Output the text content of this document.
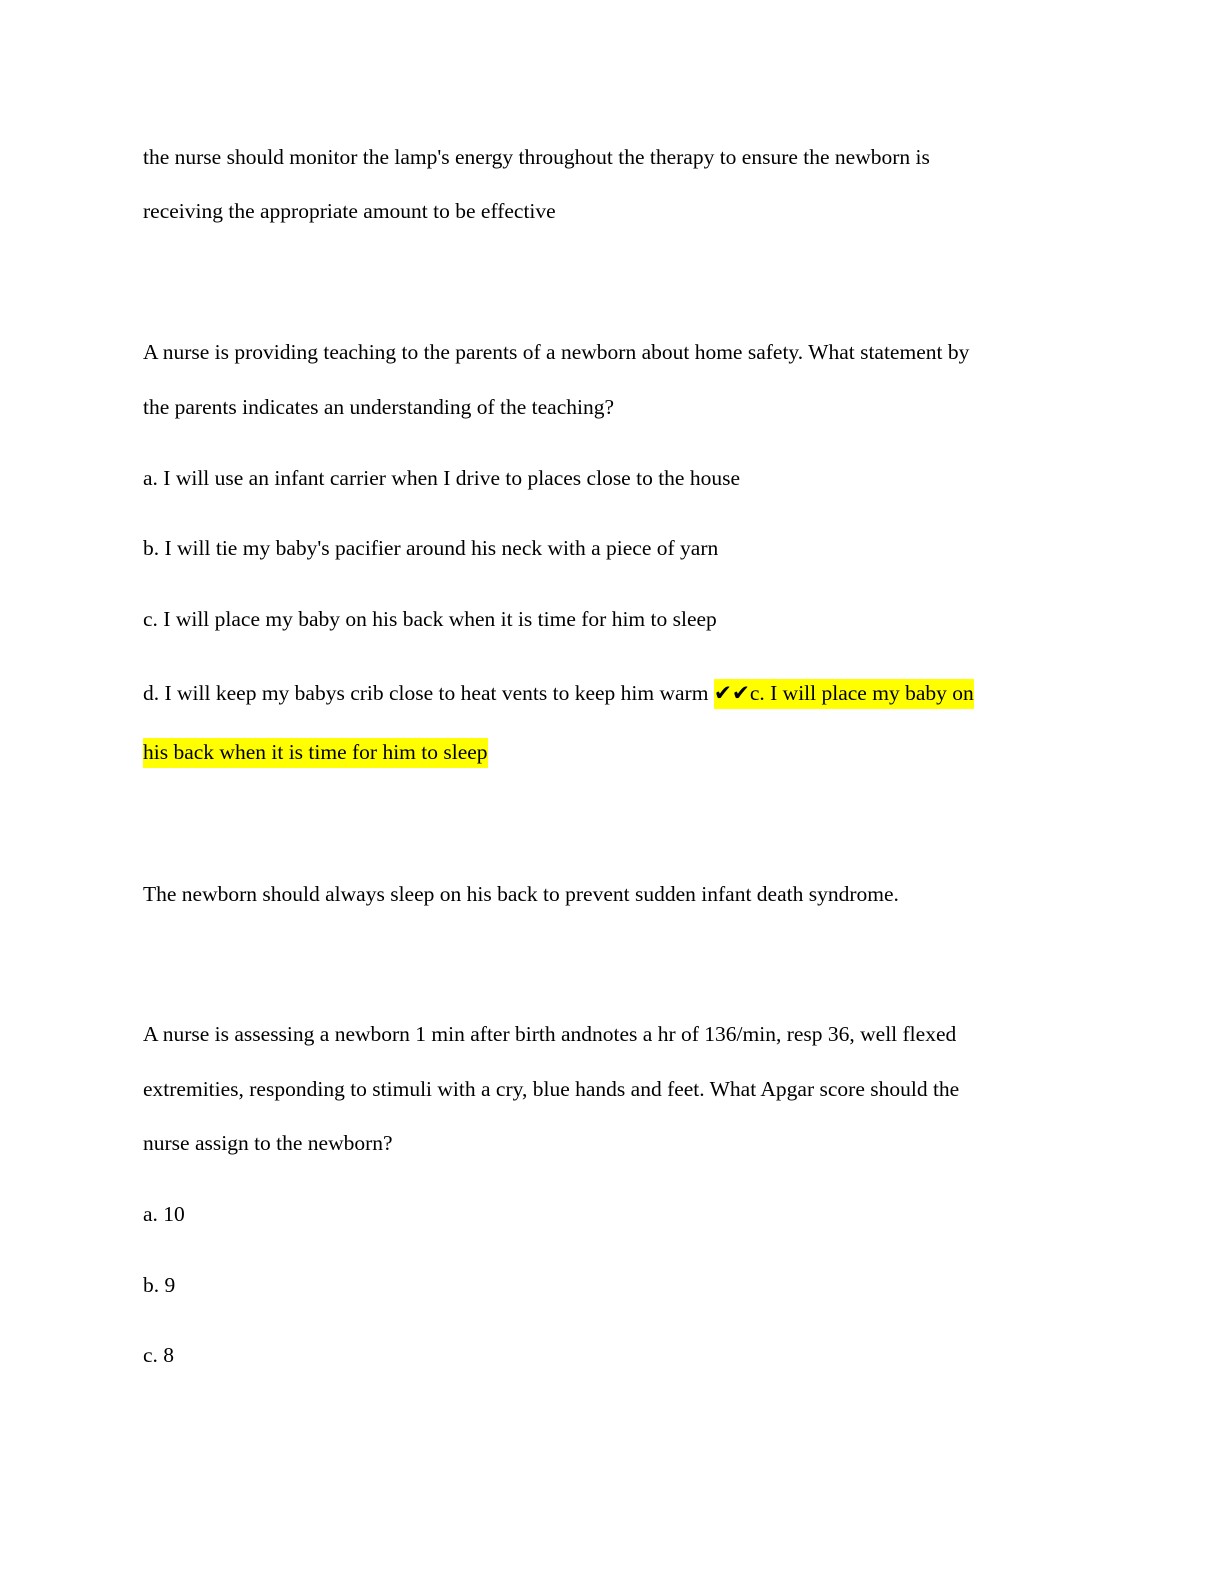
the nurse should monitor the lamp's energy throughout the therapy to ensure the newborn is
receiving the appropriate amount to be effective
A nurse is providing teaching to the parents of a newborn about home safety. What statement by
the parents indicates an understanding of the teaching?
a. I will use an infant carrier when I drive to places close to the house
b. I will tie my baby's pacifier around his neck with a piece of yarn
c. I will place my baby on his back when it is time for him to sleep
d. I will keep my babys crib close to heat vents to keep him warm ✔✔c. I will place my baby on
his back when it is time for him to sleep
The newborn should always sleep on his back to prevent sudden infant death syndrome.
A nurse is assessing a newborn 1 min after birth andnotes a hr of 136/min, resp 36, well flexed
extremities, responding to stimuli with a cry, blue hands and feet. What Apgar score should the
nurse assign to the newborn?
a. 10
b. 9
c. 8
